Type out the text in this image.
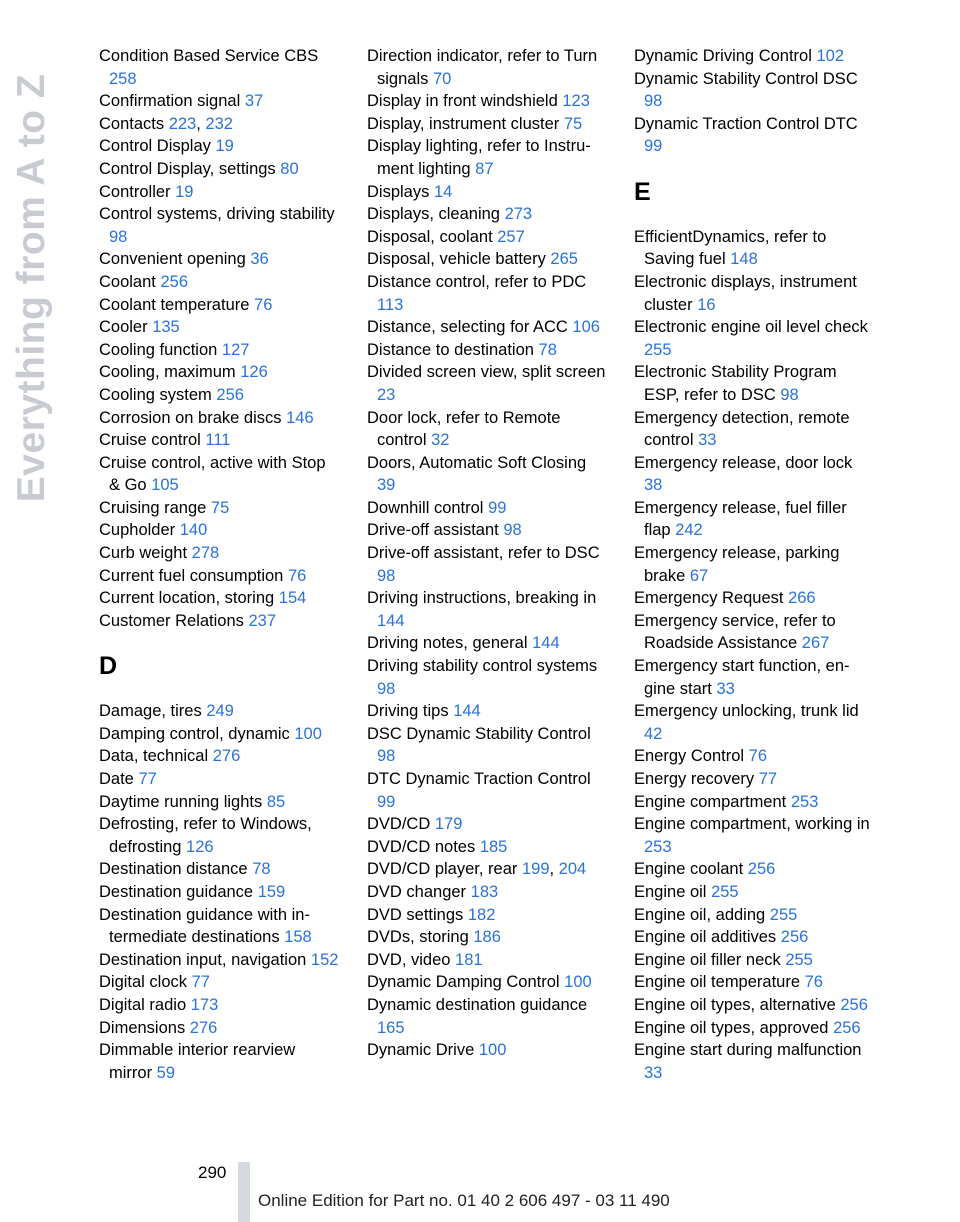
Everything from A to Z
Condition Based Service CBS 258
Confirmation signal 37
Contacts 223, 232
Control Display 19
Control Display, settings 80
Controller 19
Control systems, driving stability 98
Convenient opening 36
Coolant 256
Coolant temperature 76
Cooler 135
Cooling function 127
Cooling, maximum 126
Cooling system 256
Corrosion on brake discs 146
Cruise control 111
Cruise control, active with Stop & Go 105
Cruising range 75
Cupholder 140
Curb weight 278
Current fuel consumption 76
Current location, storing 154
Customer Relations 237
D
Damage, tires 249
Damping control, dynamic 100
Data, technical 276
Date 77
Daytime running lights 85
Defrosting, refer to Windows, defrosting 126
Destination distance 78
Destination guidance 159
Destination guidance with intermediate destinations 158
Destination input, navigation 152
Digital clock 77
Digital radio 173
Dimensions 276
Dimmable interior rearview mirror 59
Direction indicator, refer to Turn signals 70
Display in front windshield 123
Display, instrument cluster 75
Display lighting, refer to Instrument lighting 87
Displays 14
Displays, cleaning 273
Disposal, coolant 257
Disposal, vehicle battery 265
Distance control, refer to PDC 113
Distance, selecting for ACC 106
Distance to destination 78
Divided screen view, split screen 23
Door lock, refer to Remote control 32
Doors, Automatic Soft Closing 39
Downhill control 99
Drive-off assistant 98
Drive-off assistant, refer to DSC 98
Driving instructions, breaking in 144
Driving notes, general 144
Driving stability control systems 98
Driving tips 144
DSC Dynamic Stability Control 98
DTC Dynamic Traction Control 99
DVD/CD 179
DVD/CD notes 185
DVD/CD player, rear 199, 204
DVD changer 183
DVD settings 182
DVDs, storing 186
DVD, video 181
Dynamic Damping Control 100
Dynamic destination guidance 165
Dynamic Drive 100
Dynamic Driving Control 102
Dynamic Stability Control DSC 98
Dynamic Traction Control DTC 99
E
EfficientDynamics, refer to Saving fuel 148
Electronic displays, instrument cluster 16
Electronic engine oil level check 255
Electronic Stability Program ESP, refer to DSC 98
Emergency detection, remote control 33
Emergency release, door lock 38
Emergency release, fuel filler flap 242
Emergency release, parking brake 67
Emergency Request 266
Emergency service, refer to Roadside Assistance 267
Emergency start function, engine start 33
Emergency unlocking, trunk lid 42
Energy Control 76
Energy recovery 77
Engine compartment 253
Engine compartment, working in 253
Engine coolant 256
Engine oil 255
Engine oil, adding 255
Engine oil additives 256
Engine oil filler neck 255
Engine oil temperature 76
Engine oil types, alternative 256
Engine oil types, approved 256
Engine start during malfunction 33
290
Online Edition for Part no. 01 40 2 606 497 - 03 11 490
